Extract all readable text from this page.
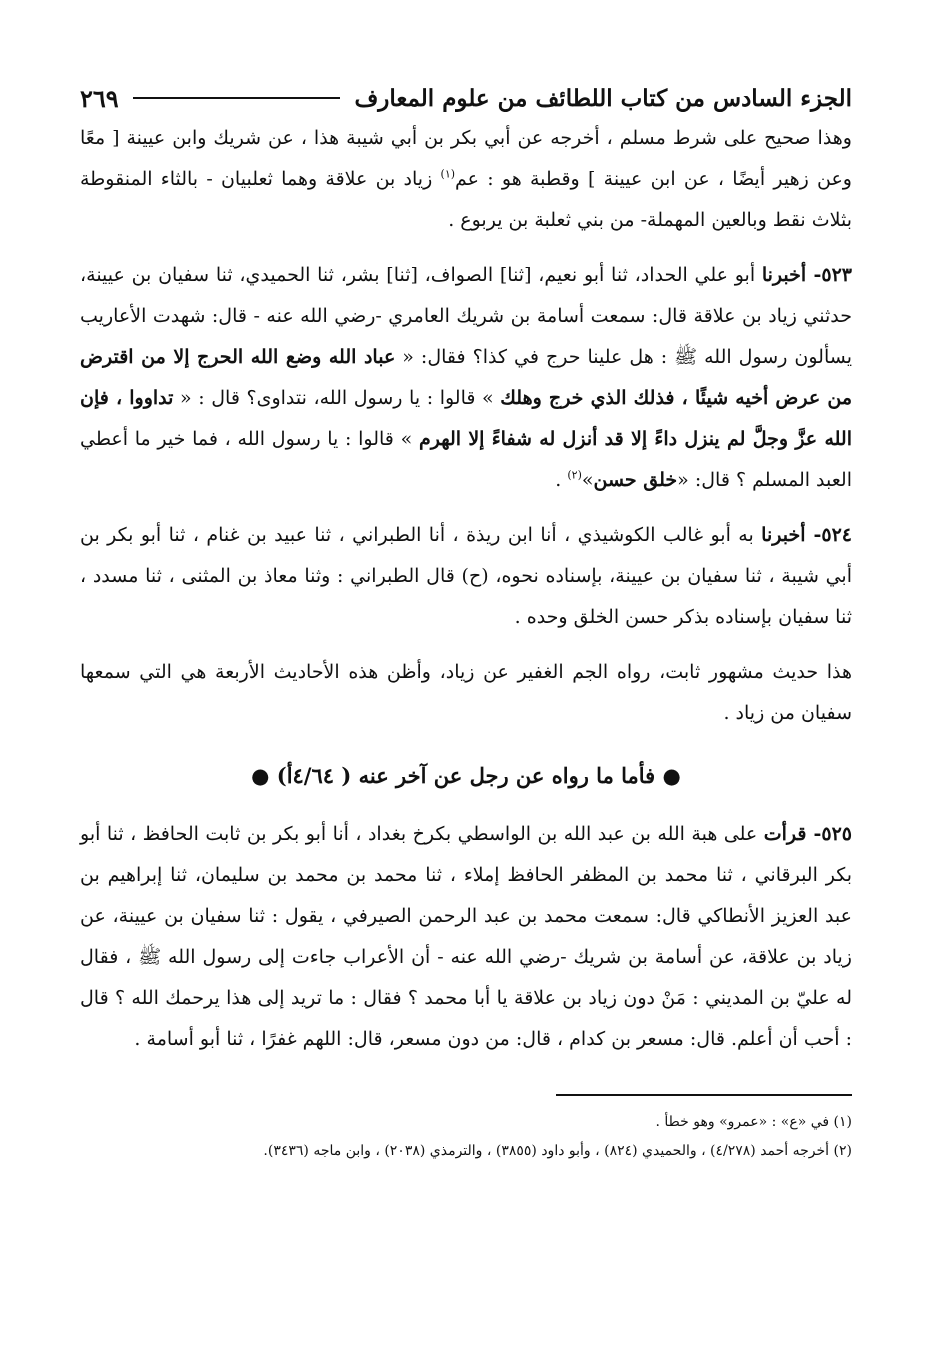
الجزء السادس من كتاب اللطائف من علوم المعارف
٢٦٩

وهذا صحيح على شرط مسلم ، أخرجه عن أبي بكر بن أبي شيبة هذا ، عن شريك وابن عيينة [ معًا وعن زهير أيضًا ، عن ابن عيينة ] وقطبة هو : عم$^{(١)}$ زياد بن علاقة وهما ثعلبيان - بالثاء المنقوطة بثلاث نقط وبالعين المهملة- من بني ثعلبة بن يربوع .

٥٢٣- أخبرنا أبو علي الحداد، ثنا أبو نعيم، [ثنا] الصواف، [ثنا] بشر، ثنا الحميدي، ثنا سفيان بن عيينة، حدثني زياد بن علاقة قال: سمعت أسامة بن شريك العامري -رضي الله عنه - قال: شهدت الأعاريب يسألون رسول الله ﷺ : هل علينا حرج في كذا؟ فقال: « عباد الله وضع الله الحرج إلا من اقترض من عرض أخيه شيئًا ، فذلك الذي خرج وهلك » قالوا : يا رسول الله، نتداوى؟ قال : « تداووا ، فإن الله عزَّ وجلَّ لم ينزل داءً إلا قد أنزل له شفاءً إلا الهرم » قالوا : يا رسول الله ، فما خير ما أعطي العبد المسلم ؟ قال: «خلق حسن»$^{(٢)}$ .

٥٢٤- أخبرنا به أبو غالب الكوشيذي ، أنا ابن ريذة ، أنا الطبراني ، ثنا عبيد بن غنام ، ثنا أبو بكر بن أبي شيبة ، ثنا سفيان بن عيينة، بإسناده نحوه، (ح) قال الطبراني : وثنا معاذ بن المثنى ، ثنا مسدد ، ثنا سفيان بإسناده بذكر حسن الخلق وحده .

هذا حديث مشهور ثابت، رواه الجم الغفير عن زياد، وأظن هذه الأحاديث الأربعة هي التي سمعها سفيان من زياد .

● فأما ما رواه عن رجل عن آخر عنه ( ٤/٦٤أ) ●

٥٢٥- قرأت على هبة الله بن عبد الله بن الواسطي بكرخ بغداد ، أنا أبو بكر بن ثابت الحافظ ، ثنا أبو بكر البرقاني ، ثنا محمد بن المظفر الحافظ إملاء ، ثنا محمد بن محمد بن سليمان، ثنا إبراهيم بن عبد العزيز الأنطاكي قال: سمعت محمد بن عبد الرحمن الصيرفي ، يقول : ثنا سفيان بن عيينة، عن زياد بن علاقة، عن أسامة بن شريك -رضي الله عنه - أن الأعراب جاءت إلى رسول الله ﷺ ، فقال له عليّ بن المديني : مَنْ دون زياد بن علاقة يا أبا محمد ؟ فقال : ما تريد إلى هذا يرحمك الله ؟ قال : أحب أن أعلم. قال: مسعر بن كدام ، قال: من دون مسعر، قال: اللهم غفرًا ، ثنا أبو أسامة .

(١) في «ع» : «عمرو» وهو خطأ .

(٢) أخرجه أحمد (٤/٢٧٨) ، والحميدي (٨٢٤) ، وأبو داود (٣٨٥٥) ، والترمذي (٢٠٣٨) ، وابن ماجه (٣٤٣٦).
